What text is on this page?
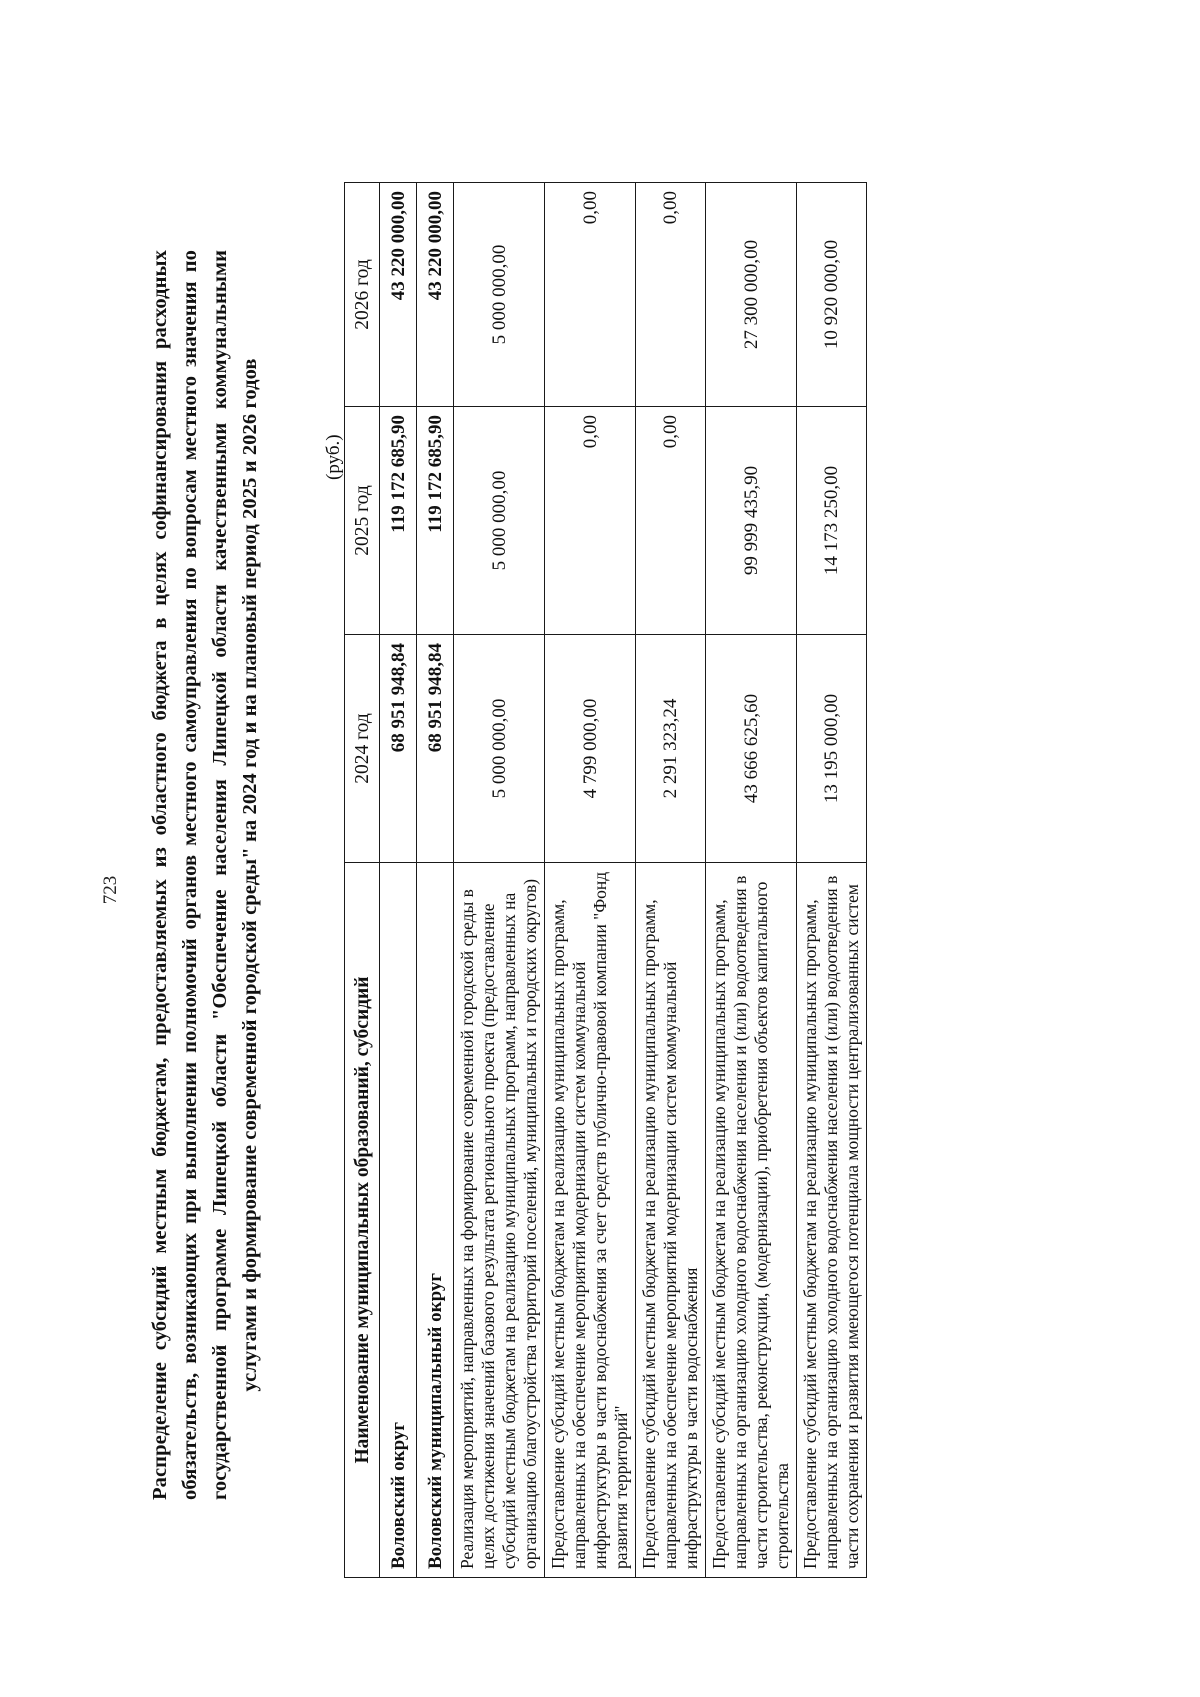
723 Распределение субсидий местным бюджетам, предоставляемых из областного бюджета в целях софинансирования расходных обязательств, возникающих при выполнении полномочий органов местного самоуправления по вопросам местного значения по государственной программе Липецкой области "Обеспечение населения Липецкой области качественными коммунальными услугами и формирование современной городской среды" на 2024 год и на плановый период 2025 и 2026 годов	(руб.)
Наименование муниципальных образований, субсидий	2024 год	2025 год	2026 год
Воловский округ	68 951 948,84	119 172 685,90	43 220 000,00
Воловский муниципальный округ	68 951 948,84	119 172 685,90	43 220 000,00
Реализация мероприятий, направленных на формирование современной городской среды в целях достижения значений базового результата регионального проекта (предоставление субсидий местным бюджетам на реализацию муниципальных программ, направленных на организацию благоустройства территорий поселений, муниципальных и городских округов)	5 000 000,00	5 000 000,00	5 000 000,00
Предоставление субсидий местным бюджетам на реализацию муниципальных программ, направленных на обеспечение мероприятий модернизации систем коммунальной инфраструктуры в части водоснабжения за счет средств публично-правовой компании "Фонд развития территорий"	4 799 000,00	0,00	0,00
Предоставление субсидий местным бюджетам на реализацию муниципальных программ, направленных на обеспечение мероприятий модернизации систем коммунальной инфраструктуры в части водоснабжения	2 291 323,24	0,00	0,00
Предоставление субсидий местным бюджетам на реализацию муниципальных программ, направленных на организацию холодного водоснабжения населения и (или) водоотведения в части строительства, реконструкции, (модернизации), приобретения объектов капитального строительства	43 666 625,60	99 999 435,90	27 300 000,00
Предоставление субсидий местным бюджетам на реализацию муниципальных программ, направленных на организацию холодного водоснабжения населения и (или) водоотведения в части сохранения и развития имеющегося потенциала мощности централизованных систем	13 195 000,00	14 173 250,00	10 920 000,00
